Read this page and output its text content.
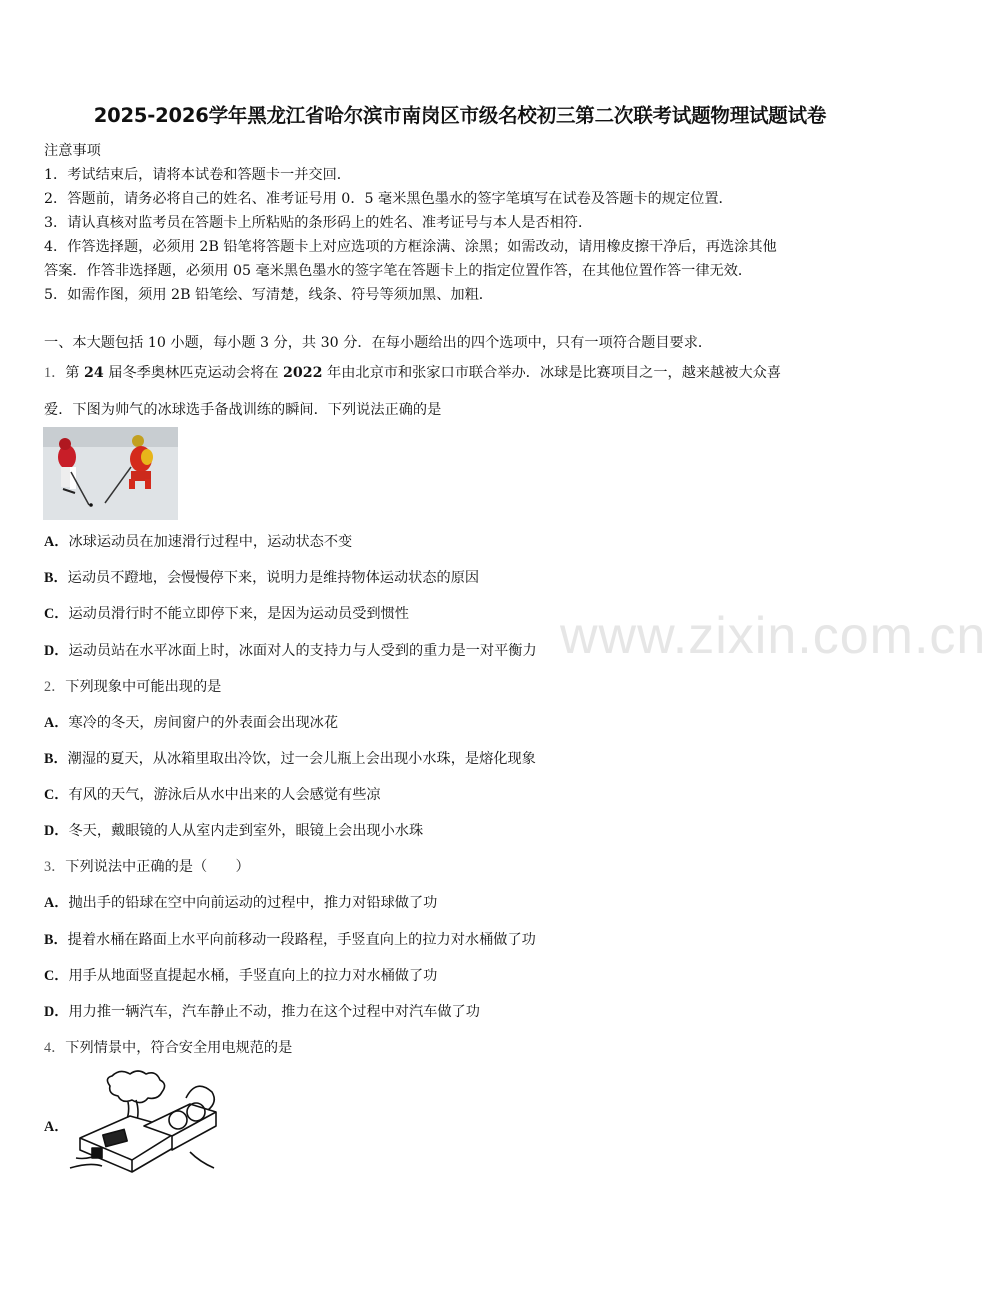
2025-2026学年黑龙江省哈尔滨市南岗区市级名校初三第二次联考试题物理试题试卷
注意事项
1．考试结束后，请将本试卷和答题卡一并交回．
2．答题前，请务必将自己的姓名、准考证号用 0．5 毫米黑色墨水的签字笔填写在试卷及答题卡的规定位置．
3．请认真核对监考员在答题卡上所粘贴的条形码上的姓名、准考证号与本人是否相符．
4．作答选择题，必须用 2B 铅笔将答题卡上对应选项的方框涂满、涂黑；如需改动，请用橡皮擦干净后，再选涂其他
答案．作答非选择题，必须用 05 毫米黑色墨水的签字笔在答题卡上的指定位置作答，在其他位置作答一律无效．
5．如需作图，须用 2B 铅笔绘、写清楚，线条、符号等须加黑、加粗．
一、本大题包括 10 小题，每小题 3 分，共 30 分．在每小题给出的四个选项中，只有一项符合题目要求．
1．第 24 届冬季奥林匹克运动会将在 2022 年由北京市和张家口市联合举办．冰球是比赛项目之一，越来越被大众喜
爱．下图为帅气的冰球选手备战训练的瞬间．下列说法正确的是
A．冰球运动员在加速滑行过程中，运动状态不变
B．运动员不蹬地，会慢慢停下来，说明力是维持物体运动状态的原因
C．运动员滑行时不能立即停下来，是因为运动员受到惯性
D．运动员站在水平冰面上时，冰面对人的支持力与人受到的重力是一对平衡力
2．下列现象中可能出现的是
A．寒冷的冬天，房间窗户的外表面会出现冰花
B．潮湿的夏天，从冰箱里取出冷饮，过一会儿瓶上会出现小水珠，是熔化现象
C．有风的天气，游泳后从水中出来的人会感觉有些凉
D．冬天，戴眼镜的人从室内走到室外，眼镜上会出现小水珠
3．下列说法中正确的是（　　）
A．抛出手的铅球在空中向前运动的过程中，推力对铅球做了功
B．提着水桶在路面上水平向前移动一段路程，手竖直向上的拉力对水桶做了功
C．用手从地面竖直提起水桶，手竖直向上的拉力对水桶做了功
D．用力推一辆汽车，汽车静止不动，推力在这个过程中对汽车做了功
4．下列情景中，符合安全用电规范的是
A．
www.zixin.com.cn
